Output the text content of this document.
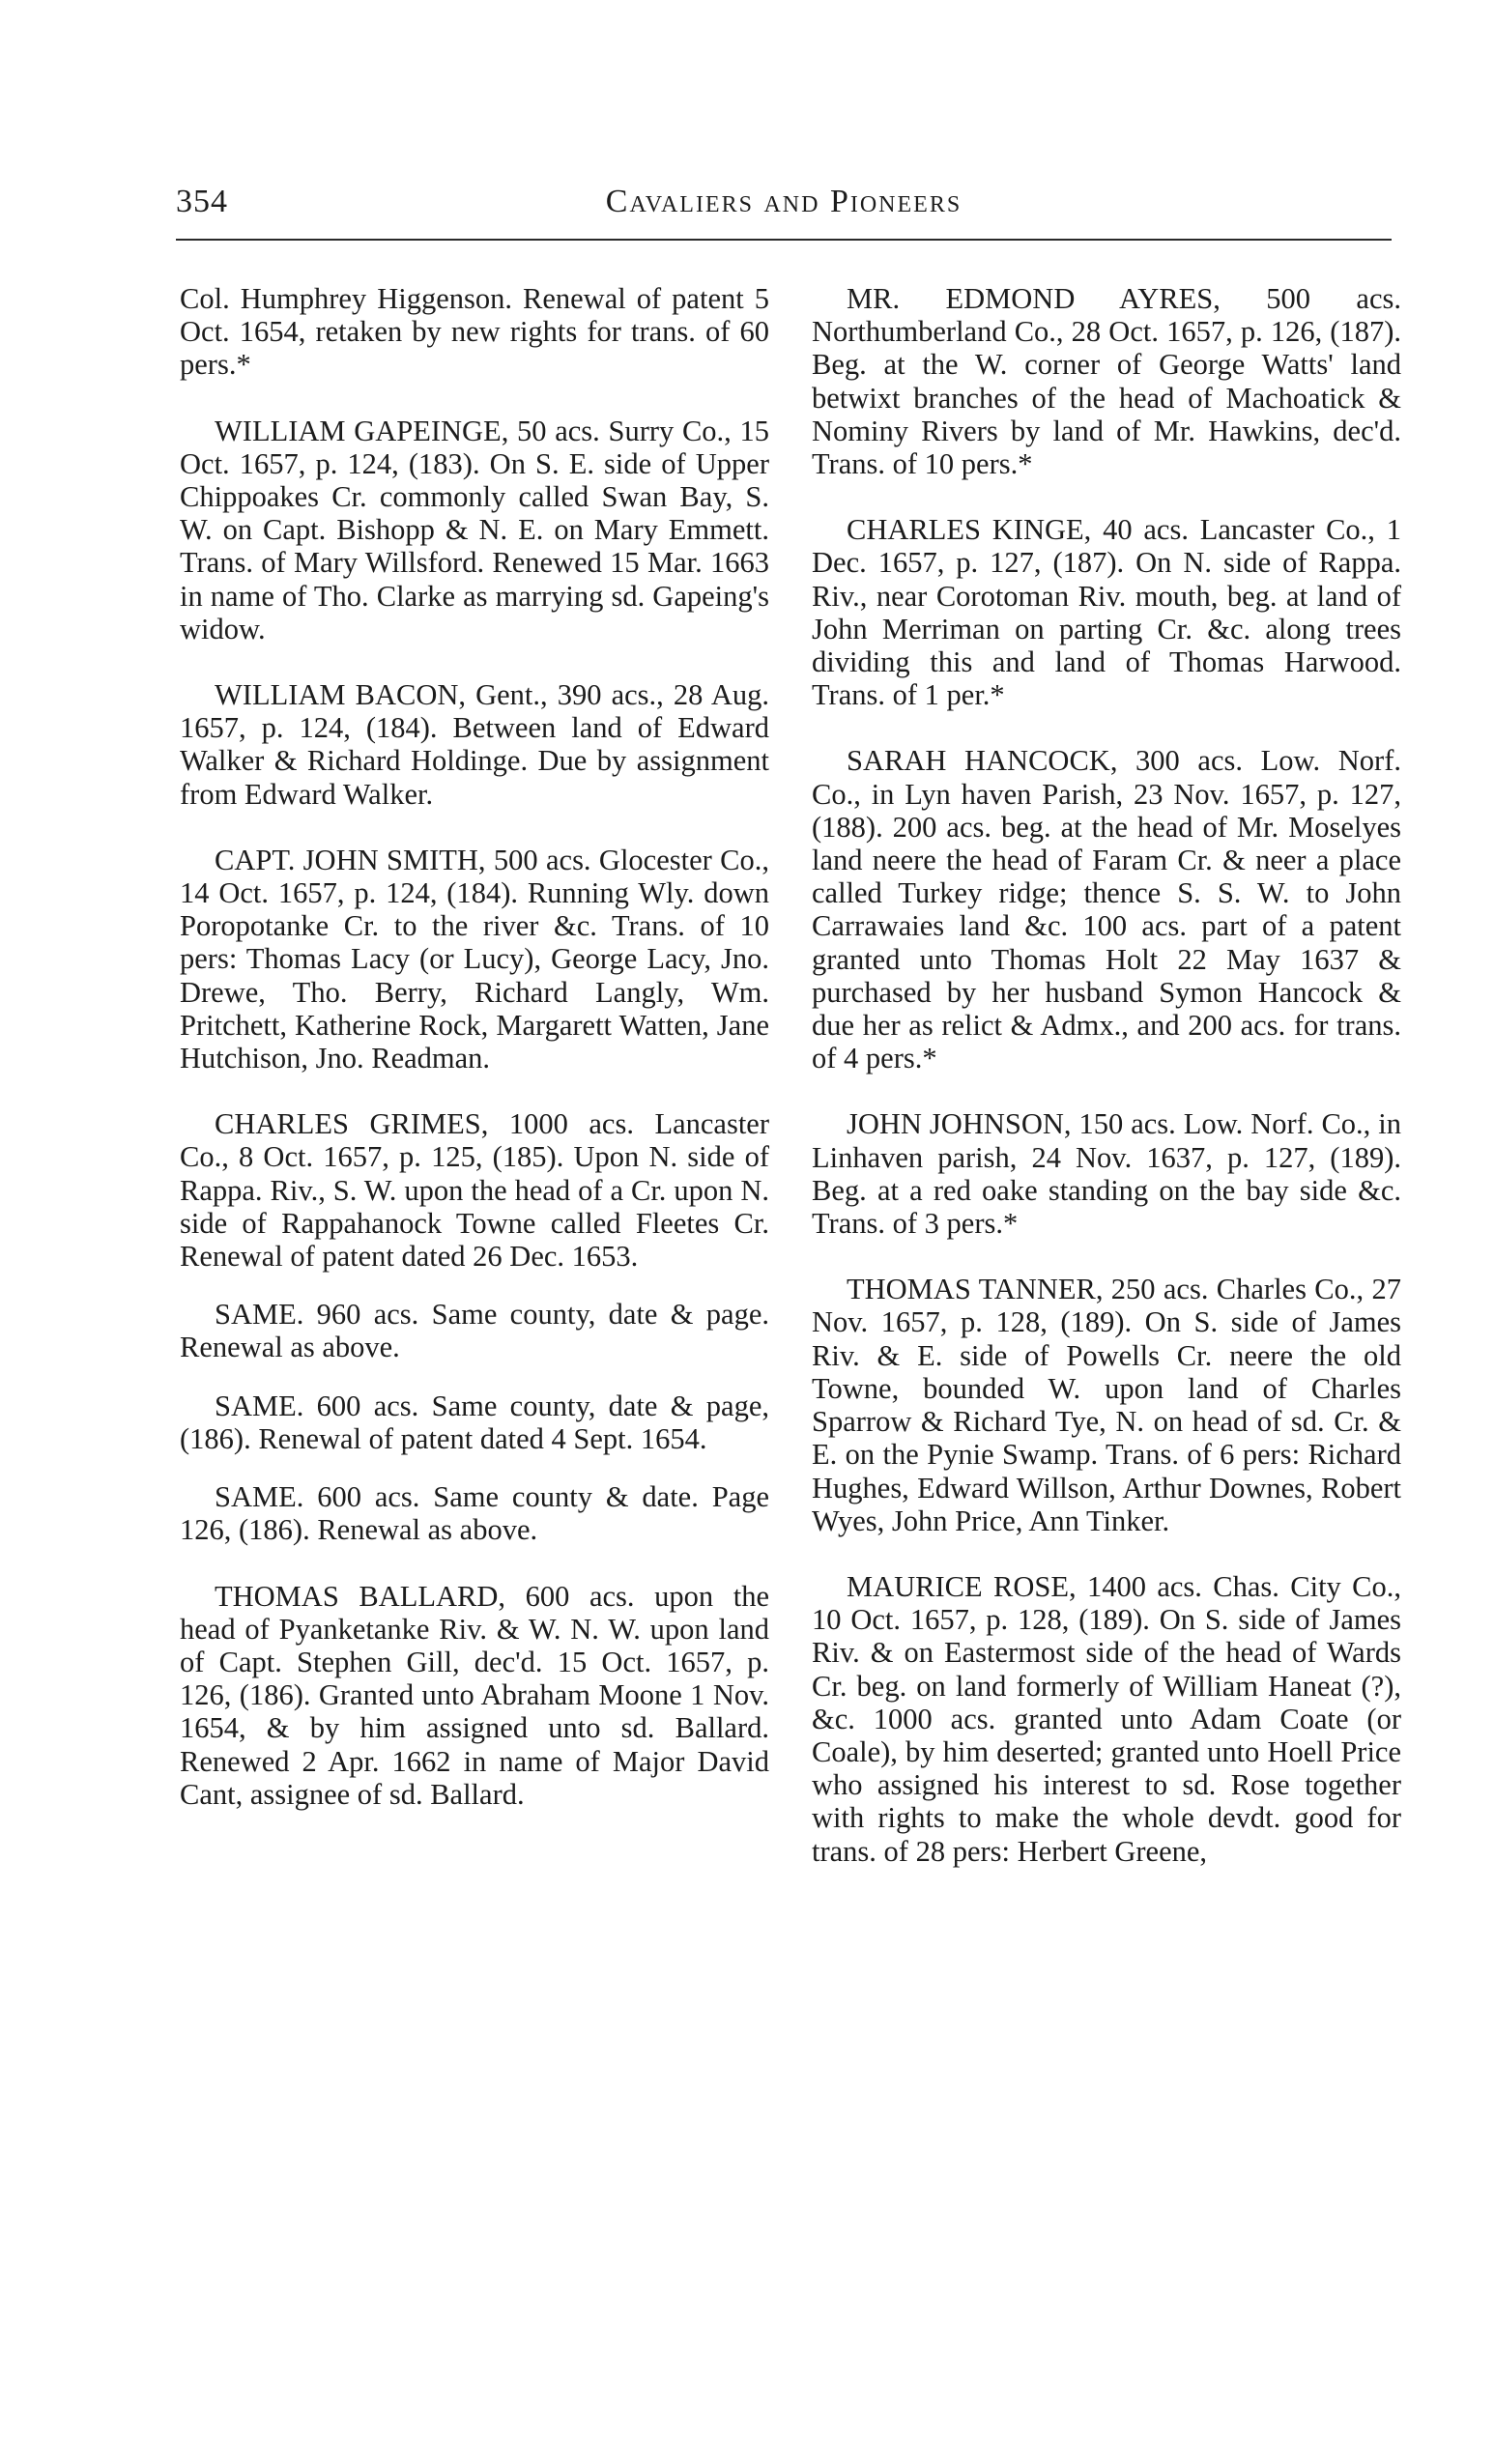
354	Cavaliers and Pioneers

Col. Humphrey Higgenson. Renewal of patent 5 Oct. 1654, retaken by new rights for trans. of 60 pers.*

WILLIAM GAPEINGE, 50 acs. Surry Co., 15 Oct. 1657, p. 124, (183). On S. E. side of Upper Chippoakes Cr. commonly called Swan Bay, S. W. on Capt. Bishopp & N. E. on Mary Emmett. Trans. of Mary Willsford. Renewed 15 Mar. 1663 in name of Tho. Clarke as marrying sd. Gapeing's widow.

WILLIAM BACON, Gent., 390 acs., 28 Aug. 1657, p. 124, (184). Between land of Edward Walker & Richard Holdinge. Due by assignment from Edward Walker.

CAPT. JOHN SMITH, 500 acs. Glocester Co., 14 Oct. 1657, p. 124, (184). Running Wly. down Poropotanke Cr. to the river &c. Trans. of 10 pers: Thomas Lacy (or Lucy), George Lacy, Jno. Drewe, Tho. Berry, Richard Langly, Wm. Pritchett, Katherine Rock, Margarett Watten, Jane Hutchison, Jno. Readman.

CHARLES GRIMES, 1000 acs. Lancaster Co., 8 Oct. 1657, p. 125, (185). Upon N. side of Rappa. Riv., S. W. upon the head of a Cr. upon N. side of Rappahanock Towne called Fleetes Cr. Renewal of patent dated 26 Dec. 1653.

SAME. 960 acs. Same county, date & page. Renewal as above.

SAME. 600 acs. Same county, date & page, (186). Renewal of patent dated 4 Sept. 1654.

SAME. 600 acs. Same county & date. Page 126, (186). Renewal as above.

THOMAS BALLARD, 600 acs. upon the head of Pyanketanke Riv. & W. N. W. upon land of Capt. Stephen Gill, dec'd. 15 Oct. 1657, p. 126, (186). Granted unto Abraham Moone 1 Nov. 1654, & by him assigned unto sd. Ballard. Renewed 2 Apr. 1662 in name of Major David Cant, assignee of sd. Ballard.

MR. EDMOND AYRES, 500 acs. Northumberland Co., 28 Oct. 1657, p. 126, (187). Beg. at the W. corner of George Watts' land betwixt branches of the head of Machoatick & Nominy Rivers by land of Mr. Hawkins, dec'd. Trans. of 10 pers.*

CHARLES KINGE, 40 acs. Lancaster Co., 1 Dec. 1657, p. 127, (187). On N. side of Rappa. Riv., near Corotoman Riv. mouth, beg. at land of John Merriman on parting Cr. &c. along trees dividing this and land of Thomas Harwood. Trans. of 1 per.*

SARAH HANCOCK, 300 acs. Low. Norf. Co., in Lyn haven Parish, 23 Nov. 1657, p. 127, (188). 200 acs. beg. at the head of Mr. Moselyes land neere the head of Faram Cr. & neer a place called Turkey ridge; thence S. S. W. to John Carrawaies land &c. 100 acs. part of a patent granted unto Thomas Holt 22 May 1637 & purchased by her husband Symon Hancock & due her as relict & Admx., and 200 acs. for trans. of 4 pers.*

JOHN JOHNSON, 150 acs. Low. Norf. Co., in Linhaven parish, 24 Nov. 1637, p. 127, (189). Beg. at a red oake standing on the bay side &c. Trans. of 3 pers.*

THOMAS TANNER, 250 acs. Charles Co., 27 Nov. 1657, p. 128, (189). On S. side of James Riv. & E. side of Powells Cr. neere the old Towne, bounded W. upon land of Charles Sparrow & Richard Tye, N. on head of sd. Cr. & E. on the Pynie Swamp. Trans. of 6 pers: Richard Hughes, Edward Willson, Arthur Downes, Robert Wyes, John Price, Ann Tinker.

MAURICE ROSE, 1400 acs. Chas. City Co., 10 Oct. 1657, p. 128, (189). On S. side of James Riv. & on Eastermost side of the head of Wards Cr. beg. on land formerly of William Haneat (?), &c. 1000 acs. granted unto Adam Coate (or Coale), by him deserted; granted unto Hoell Price who assigned his interest to sd. Rose together with rights to make the whole devdt. good for trans. of 28 pers: Herbert Greene,
